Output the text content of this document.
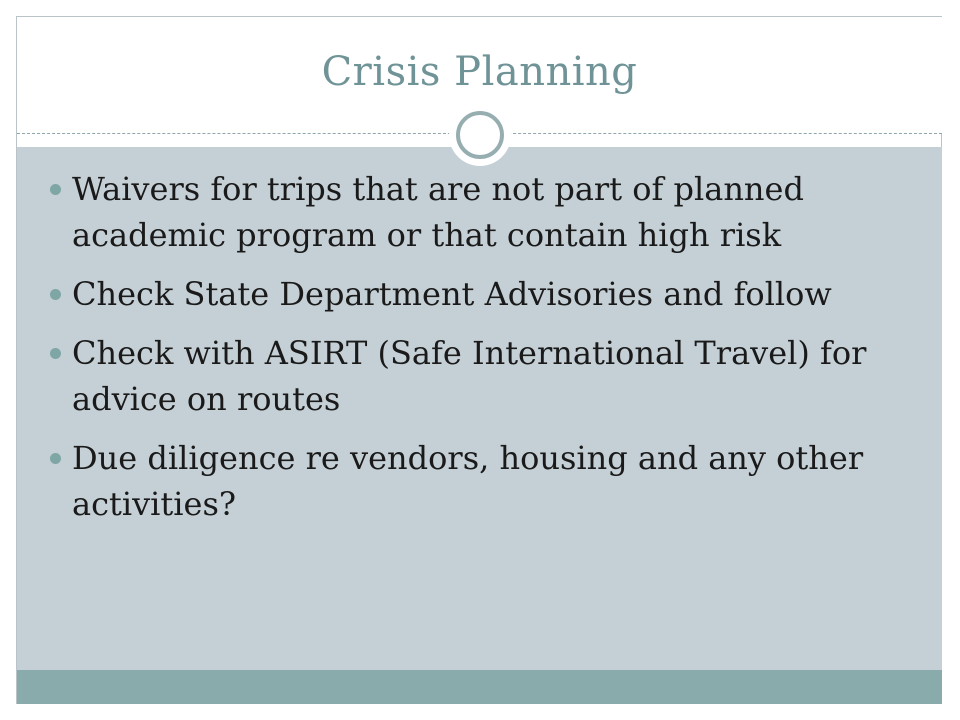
Crisis Planning
Waivers for trips that are not part of planned academic program or that contain high risk
Check State Department Advisories and follow
Check with ASIRT (Safe International Travel) for advice on routes
Due diligence re vendors, housing and any other activities?
